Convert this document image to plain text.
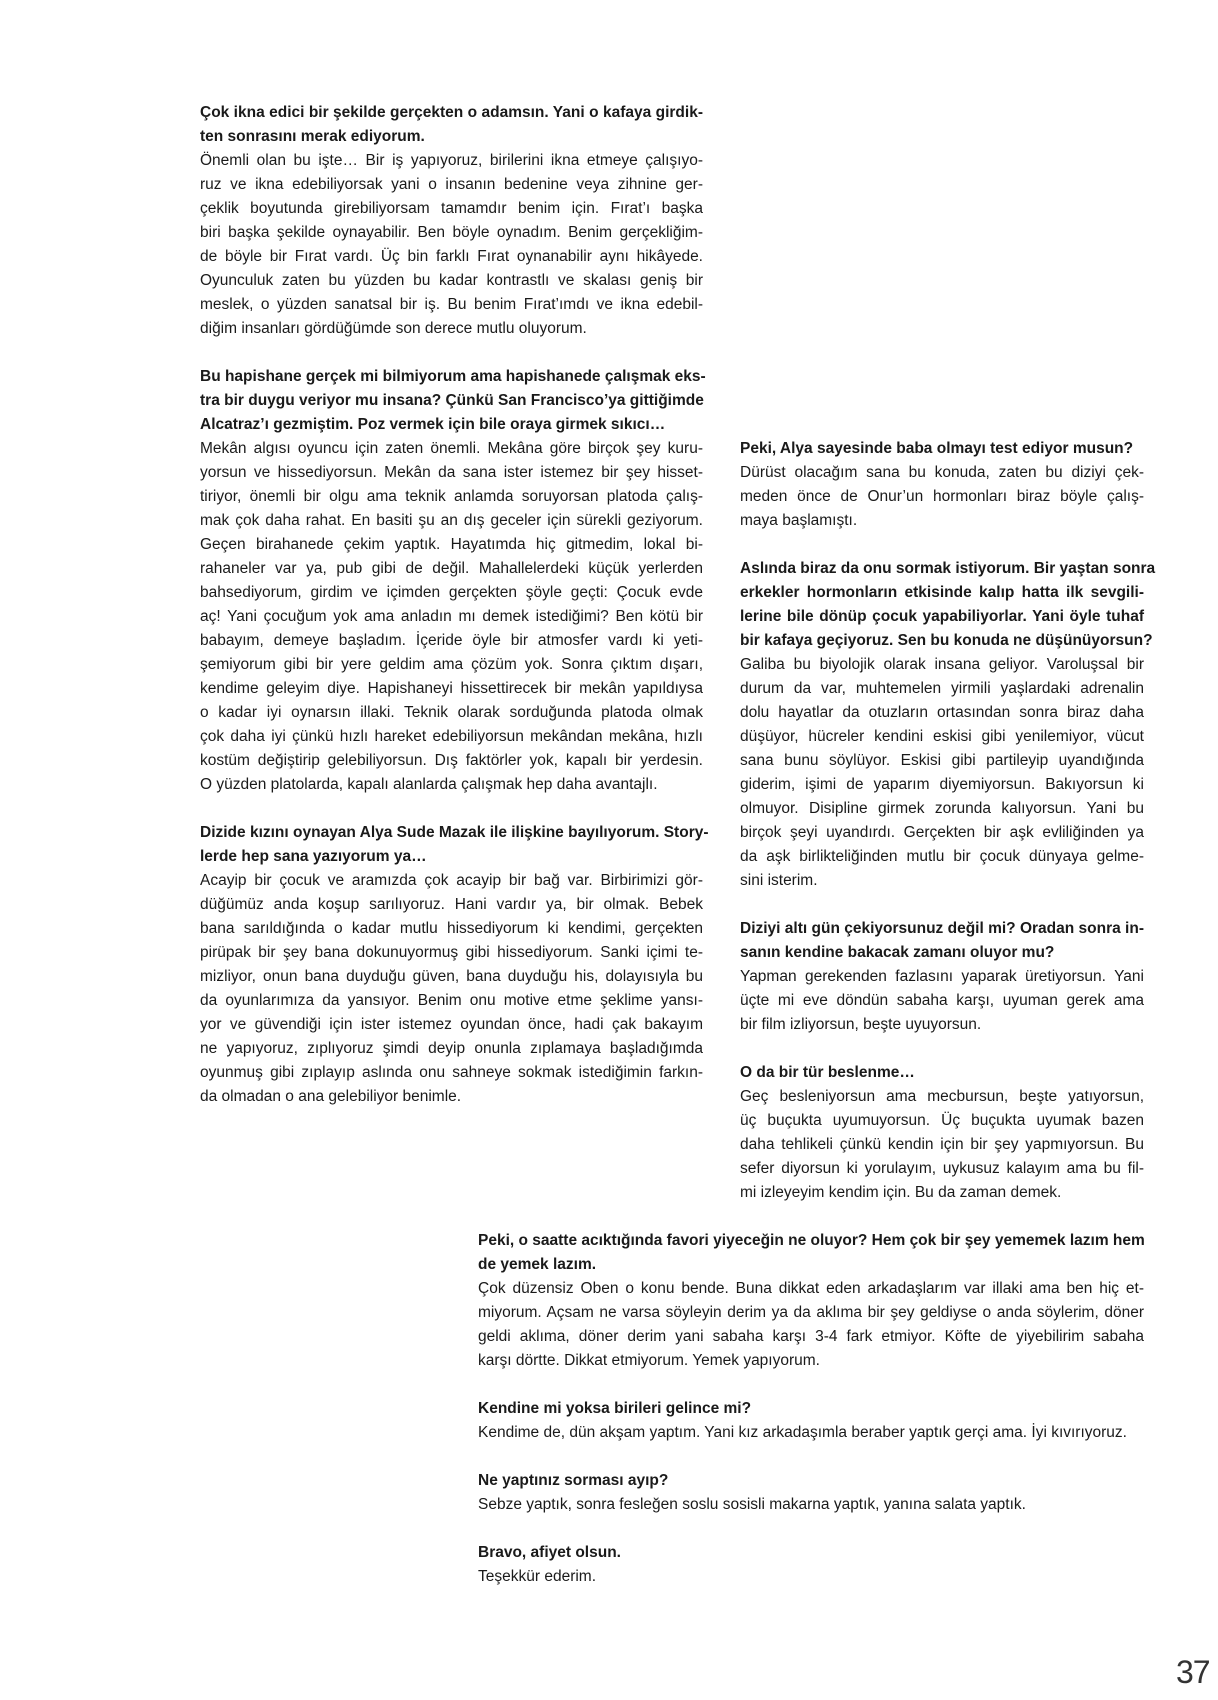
Çok ikna edici bir şekilde gerçekten o adamsın. Yani o kafaya girdik-
ten sonrasını merak ediyorum.
Önemli olan bu işte… Bir iş yapıyoruz, birilerini ikna etmeye çalışıyo-
ruz ve ikna edebiliyorsak yani o insanın bedenine veya zihnine ger-
çeklik boyutunda girebiliyorsam tamamdır benim için. Fırat’ı başka
biri başka şekilde oynayabilir. Ben böyle oynadım. Benim gerçekliğim-
de böyle bir Fırat vardı. Üç bin farklı Fırat oynanabilir aynı hikâyede.
Oyunculuk zaten bu yüzden bu kadar kontrastlı ve skalası geniş bir
meslek, o yüzden sanatsal bir iş. Bu benim Fırat’ımdı ve ikna edebil-
diğim insanları gördüğümde son derece mutlu oluyorum.
Bu hapishane gerçek mi bilmiyorum ama hapishanede çalışmak eks-
tra bir duygu veriyor mu insana? Çünkü San Francisco’ya gittiğimde
Alcatraz’ı gezmiştim. Poz vermek için bile oraya girmek sıkıcı…
Mekân algısı oyuncu için zaten önemli. Mekâna göre birçok şey kuru-
yorsun ve hissediyorsun. Mekân da sana ister istemez bir şey hisset-
tiriyor, önemli bir olgu ama teknik anlamda soruyorsan platoda çalış-
mak çok daha rahat. En basiti şu an dış geceler için sürekli geziyorum.
Geçen birahanede çekim yaptık. Hayatımda hiç gitmedim, lokal bi-
rahaneler var ya, pub gibi de değil. Mahallelerdeki küçük yerlerden
bahsediyorum, girdim ve içimden gerçekten şöyle geçti: Çocuk evde
aç! Yani çocuğum yok ama anladın mı demek istediğimi? Ben kötü bir
babayım, demeye başladım. İçeride öyle bir atmosfer vardı ki yeti-
şemiyorum gibi bir yere geldim ama çözüm yok. Sonra çıktım dışarı,
kendime geleyim diye. Hapishaneyi hissettirecek bir mekân yapıldıysa
o kadar iyi oynarsın illaki. Teknik olarak sorduğunda platoda olmak
çok daha iyi çünkü hızlı hareket edebiliyorsun mekândan mekâna, hızlı
kostüm değiştirip gelebiliyorsun. Dış faktörler yok, kapalı bir yerdesin.
O yüzden platolarda, kapalı alanlarda çalışmak hep daha avantajlı.
Dizide kızını oynayan Alya Sude Mazak ile ilişkine bayılıyorum. Story-
lerde hep sana yazıyorum ya…
Acayip bir çocuk ve aramızda çok acayip bir bağ var. Birbirimizi gör-
düğümüz anda koşup sarılıyoruz. Hani vardır ya, bir olmak. Bebek
bana sarıldığında o kadar mutlu hissediyorum ki kendimi, gerçekten
pirüpak bir şey bana dokunuyormuş gibi hissediyorum. Sanki içimi te-
mizliyor, onun bana duyduğu güven, bana duyduğu his, dolayısıyla bu
da oyunlarımıza da yansıyor. Benim onu motive etme şeklime yansı-
yor ve güvendiği için ister istemez oyundan önce, hadi çak bakayım
ne yapıyoruz, zıplıyoruz şimdi deyip onunla zıplamaya başladığımda
oyunmuş gibi zıplayıp aslında onu sahneye sokmak istediğimin farkın-
da olmadan o ana gelebiliyor benimle.
Peki, Alya sayesinde baba olmayı test ediyor musun?
Dürüst olacağım sana bu konuda, zaten bu diziyi çek-
meden önce de Onur’un hormonları biraz böyle çalış-
maya başlamıştı.
Aslında biraz da onu sormak istiyorum. Bir yaştan sonra
erkekler hormonların etkisinde kalıp hatta ilk sevgili-
lerine bile dönüp çocuk yapabiliyorlar. Yani öyle tuhaf
bir kafaya geçiyoruz. Sen bu konuda ne düşünüyorsun?
Galiba bu biyolojik olarak insana geliyor. Varoluşsal bir
durum da var, muhtemelen yirmili yaşlardaki adrenalin
dolu hayatlar da otuzların ortasından sonra biraz daha
düşüyor, hücreler kendini eskisi gibi yenilemiyor, vücut
sana bunu söylüyor. Eskisi gibi partileyip uyandığında
giderim, işimi de yaparım diyemiyorsun. Bakıyorsun ki
olmuyor. Disipline girmek zorunda kalıyorsun. Yani bu
birçok şeyi uyandırdı. Gerçekten bir aşk evliliğinden ya
da aşk birlikteliğinden mutlu bir çocuk dünyaya gelme-
sini isterim.
Diziyi altı gün çekiyorsunuz değil mi? Oradan sonra in-
sanın kendine bakacak zamanı oluyor mu?
Yapman gerekenden fazlasını yaparak üretiyorsun. Yani
üçte mi eve döndün sabaha karşı, uyuman gerek ama
bir film izliyorsun, beşte uyuyorsun.
O da bir tür beslenme…
Geç besleniyorsun ama mecbursun, beşte yatıyorsun,
üç buçukta uyumuyorsun. Üç buçukta uyumak bazen
daha tehlikeli çünkü kendin için bir şey yapmıyorsun. Bu
sefer diyorsun ki yorulayım, uykusuz kalayım ama bu fil-
mi izleyeyim kendim için. Bu da zaman demek.
Peki, o saatte acıktığında favori yiyeceğin ne oluyor? Hem çok bir şey yememek lazım hem
de yemek lazım.
Çok düzensiz Oben o konu bende. Buna dikkat eden arkadaşlarım var illaki ama ben hiç et-
miyorum. Açsam ne varsa söyleyin derim ya da aklıma bir şey geldiyse o anda söylerim, döner
geldi aklıma, döner derim yani sabaha karşı 3-4 fark etmiyor. Köfte de yiyebilirim sabaha
karşı dörtte. Dikkat etmiyorum. Yemek yapıyorum.
Kendine mi yoksa birileri gelince mi?
Kendime de, dün akşam yaptım. Yani kız arkadaşımla beraber yaptık gerçi ama. İyi kıvırıyoruz.
Ne yaptınız sorması ayıp?
Sebze yaptık, sonra fesleğen soslu sosisli makarna yaptık, yanına salata yaptık.
Bravo, afiyet olsun.
Teşekkür ederim.
37
